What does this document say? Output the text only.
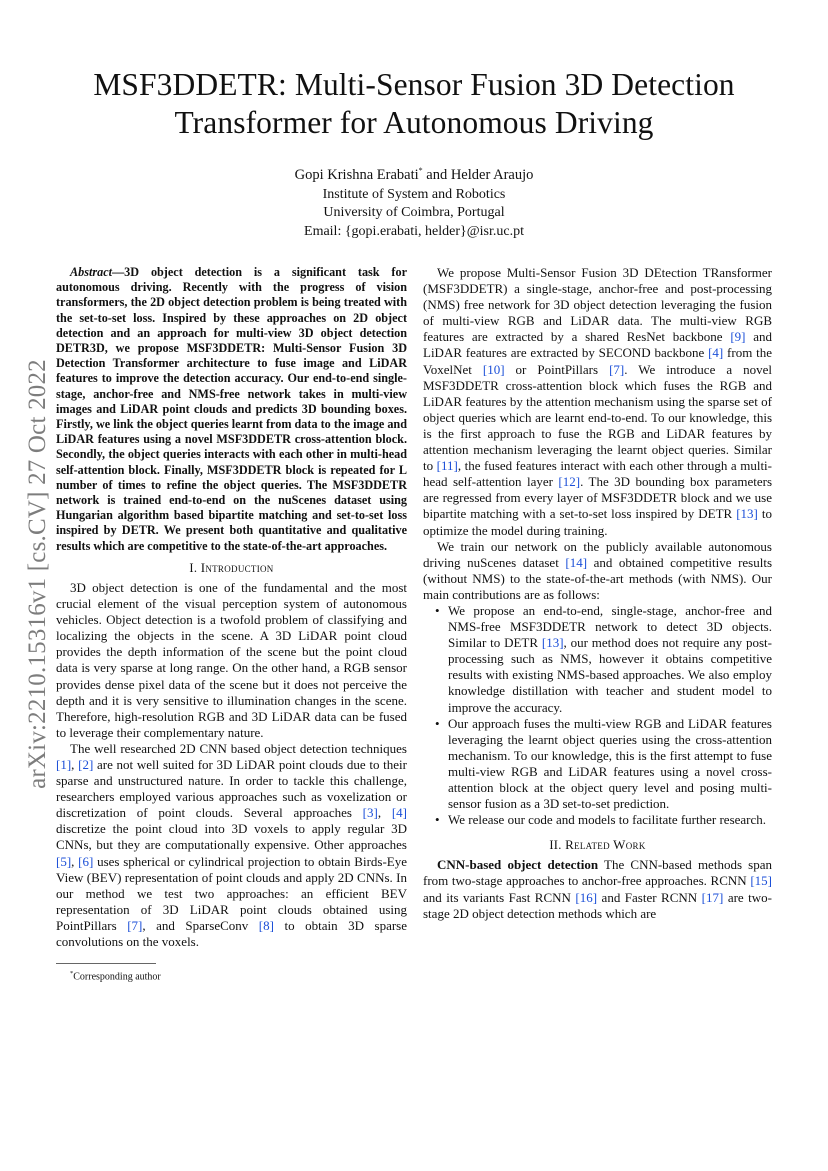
MSF3DDETR: Multi-Sensor Fusion 3D Detection
Transformer for Autonomous Driving
Gopi Krishna Erabati* and Helder Araujo
Institute of System and Robotics
University of Coimbra, Portugal
Email: {gopi.erabati, helder}@isr.uc.pt
arXiv:2210.15316v1 [cs.CV] 27 Oct 2022

Abstract—3D object detection is a significant task for autonomous driving. Recently with the progress of vision transformers, the 2D object detection problem is being treated with the set-to-set loss. Inspired by these approaches on 2D object detection and an approach for multi-view 3D object detection DETR3D, we propose MSF3DDETR: Multi-Sensor Fusion 3D Detection Transformer architecture to fuse image and LiDAR features to improve the detection accuracy. Our end-to-end single-stage, anchor-free and NMS-free network takes in multi-view images and LiDAR point clouds and predicts 3D bounding boxes. Firstly, we link the object queries learnt from data to the image and LiDAR features using a novel MSF3DDETR cross-attention block. Secondly, the object queries interacts with each other in multi-head self-attention block. Finally, MSF3DDETR block is repeated for L number of times to refine the object queries. The MSF3DDETR network is trained end-to-end on the nuScenes dataset using Hungarian algorithm based bipartite matching and set-to-set loss inspired by DETR. We present both quantitative and qualitative results which are competitive to the state-of-the-art approaches.

I. Introduction

3D object detection is one of the fundamental and the most crucial element of the visual perception system of autonomous vehicles. Object detection is a twofold problem of classifying and localizing the objects in the scene. A 3D LiDAR point cloud provides the depth information of the scene but the point cloud data is very sparse at long range. On the other hand, a RGB sensor provides dense pixel data of the scene but it does not perceive the depth and it is very sensitive to illumination changes in the scene. Therefore, high-resolution RGB and 3D LiDAR data can be fused to leverage their complementary nature.

The well researched 2D CNN based object detection techniques [1], [2] are not well suited for 3D LiDAR point clouds due to their sparse and unstructured nature. In order to tackle this challenge, researchers employed various approaches such as voxelization or discretization of point clouds. Several approaches [3], [4] discretize the point cloud into 3D voxels to apply regular 3D CNNs, but they are computationally expensive. Other approaches [5], [6] uses spherical or cylindrical projection to obtain Birds-Eye View (BEV) representation of point clouds and apply 2D CNNs. In our method we test two approaches: an efficient BEV representation of 3D LiDAR point clouds obtained using PointPillars [7], and SparseConv [8] to obtain 3D sparse convolutions on the voxels.

*Corresponding author

We propose Multi-Sensor Fusion 3D DEtection TRansformer (MSF3DDETR) a single-stage, anchor-free and post-processing (NMS) free network for 3D object detection leveraging the fusion of multi-view RGB and LiDAR data. The multi-view RGB features are extracted by a shared ResNet backbone [9] and LiDAR features are extracted by SECOND backbone [4] from the VoxelNet [10] or PointPillars [7]. We introduce a novel MSF3DDETR cross-attention block which fuses the RGB and LiDAR features by the attention mechanism using the sparse set of object queries which are learnt end-to-end. To our knowledge, this is the first approach to fuse the RGB and LiDAR features by attention mechanism leveraging the learnt object queries. Similar to [11], the fused features interact with each other through a multi-head self-attention layer [12]. The 3D bounding box parameters are regressed from every layer of MSF3DDETR block and we use bipartite matching with a set-to-set loss inspired by DETR [13] to optimize the model during training.

We train our network on the publicly available autonomous driving nuScenes dataset [14] and obtained competitive results (without NMS) to the state-of-the-art methods (with NMS). Our main contributions are as follows:

• We propose an end-to-end, single-stage, anchor-free and NMS-free MSF3DDETR network to detect 3D objects. Similar to DETR [13], our method does not require any post-processing such as NMS, however it obtains competitive results with existing NMS-based approaches. We also employ knowledge distillation with teacher and student model to improve the accuracy.
• Our approach fuses the multi-view RGB and LiDAR features leveraging the learnt object queries using the cross-attention mechanism. To our knowledge, this is the first attempt to fuse multi-view RGB and LiDAR features using a novel cross-attention block at the object query level and posing multi-sensor fusion as a 3D set-to-set prediction.
• We release our code and models to facilitate further research.
II. Related Work

CNN-based object detection The CNN-based methods span from two-stage approaches to anchor-free approaches. RCNN [15] and its variants Fast RCNN [16] and Faster RCNN [17] are two-stage 2D object detection methods which are
